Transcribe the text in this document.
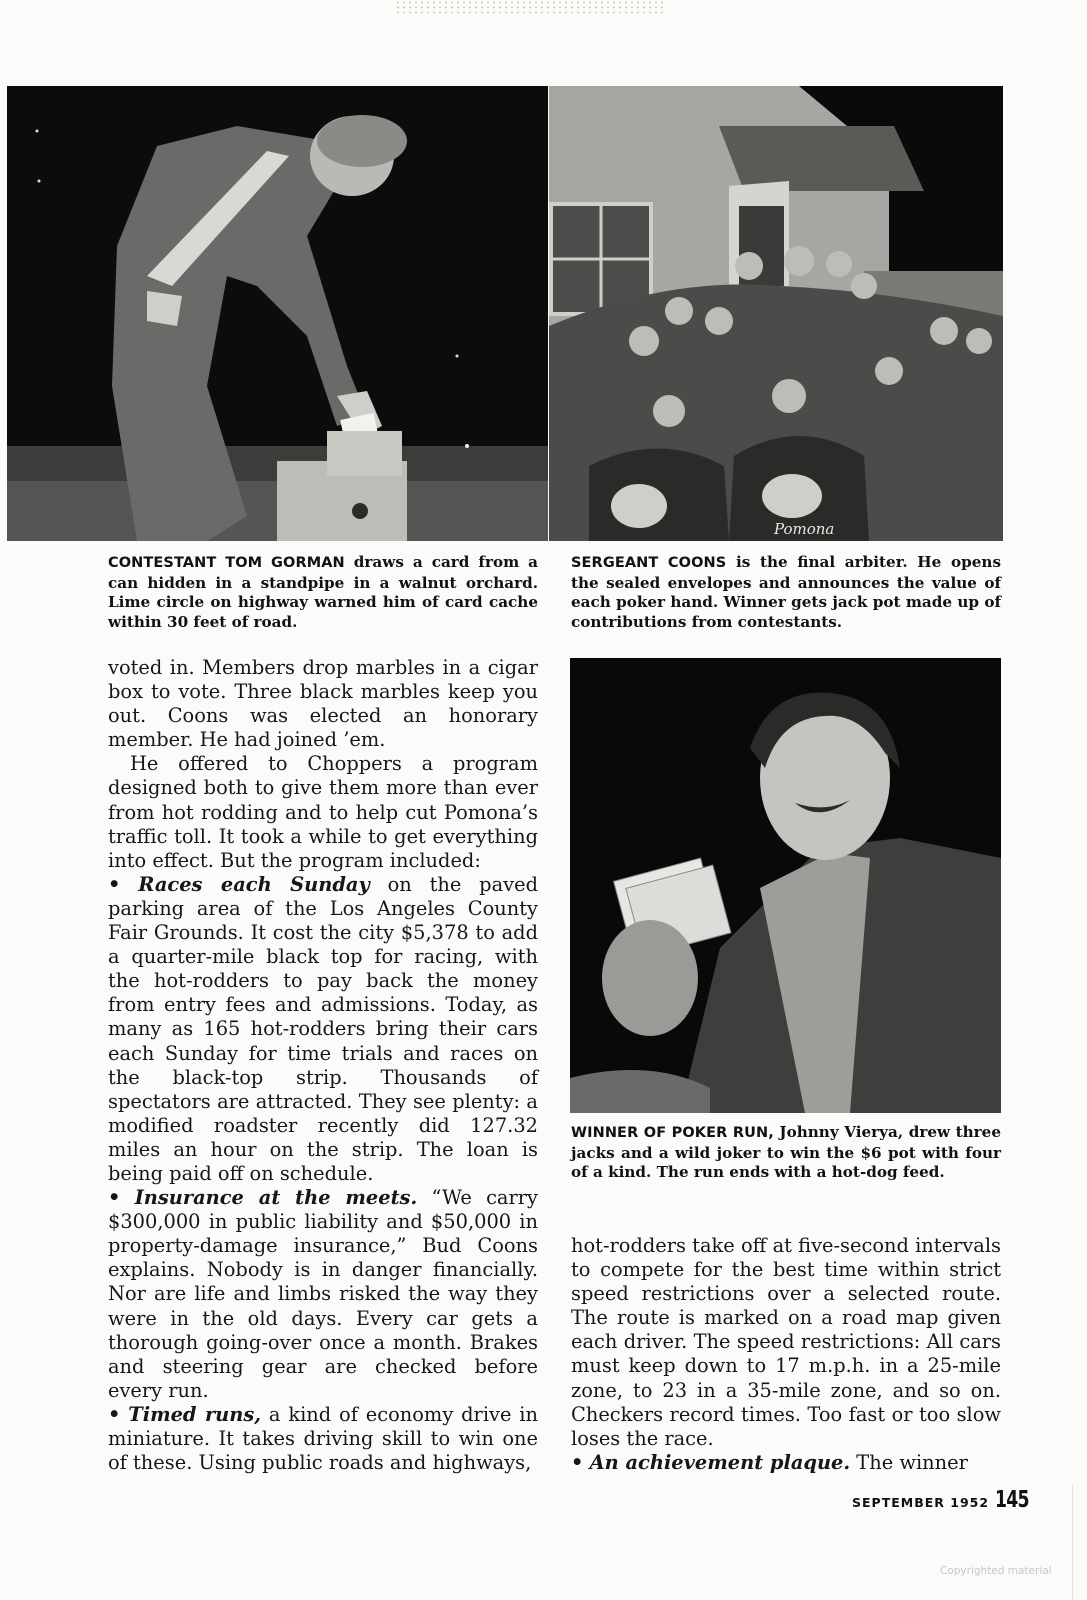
Pomona
CONTESTANT TOM GORMAN draws a card from a can hidden in a standpipe in a walnut orchard. Lime circle on highway warned him of card cache within 30 feet of road.
SERGEANT COONS is the final arbiter. He opens the sealed envelopes and announces the value of each poker hand. Winner gets jack pot made up of contributions from contestants.
WINNER OF POKER RUN, Johnny Vierya, drew three jacks and a wild joker to win the $6 pot with four of a kind. The run ends with a hot-dog feed.

voted in. Members drop marbles in a cigar box to vote. Three black marbles keep you out. Coons was elected an honorary member. He had joined ’em.

He offered to Choppers a program designed both to give them more than ever from hot rodding and to help cut Pomona’s traffic toll. It took a while to get everything into effect. But the program included:

• Races each Sunday on the paved parking area of the Los Angeles County Fair Grounds. It cost the city $5,378 to add a quarter-mile black top for racing, with the hot-rodders to pay back the money from entry fees and admissions. Today, as many as 165 hot-rodders bring their cars each Sunday for time trials and races on the black-top strip. Thousands of spectators are attracted. They see plenty: a modified roadster recently did 127.32 miles an hour on the strip. The loan is being paid off on schedule.

• Insurance at the meets. “We carry $300,000 in public liability and $50,000 in property-damage insurance,” Bud Coons explains. Nobody is in danger financially. Nor are life and limbs risked the way they were in the old days. Every car gets a thorough going-over once a month. Brakes and steering gear are checked before every run.

• Timed runs, a kind of economy drive in miniature. It takes driving skill to win one of these. Using public roads and highways,

hot-rodders take off at five-second intervals to compete for the best time within strict speed restrictions over a selected route. The route is marked on a road map given each driver. The speed restrictions: All cars must keep down to 17 m.p.h. in a 25-mile zone, to 23 in a 35-mile zone, and so on. Checkers record times. Too fast or too slow loses the race.

• An achievement plaque. The winner

SEPTEMBER 1952 145
Copyrighted material
